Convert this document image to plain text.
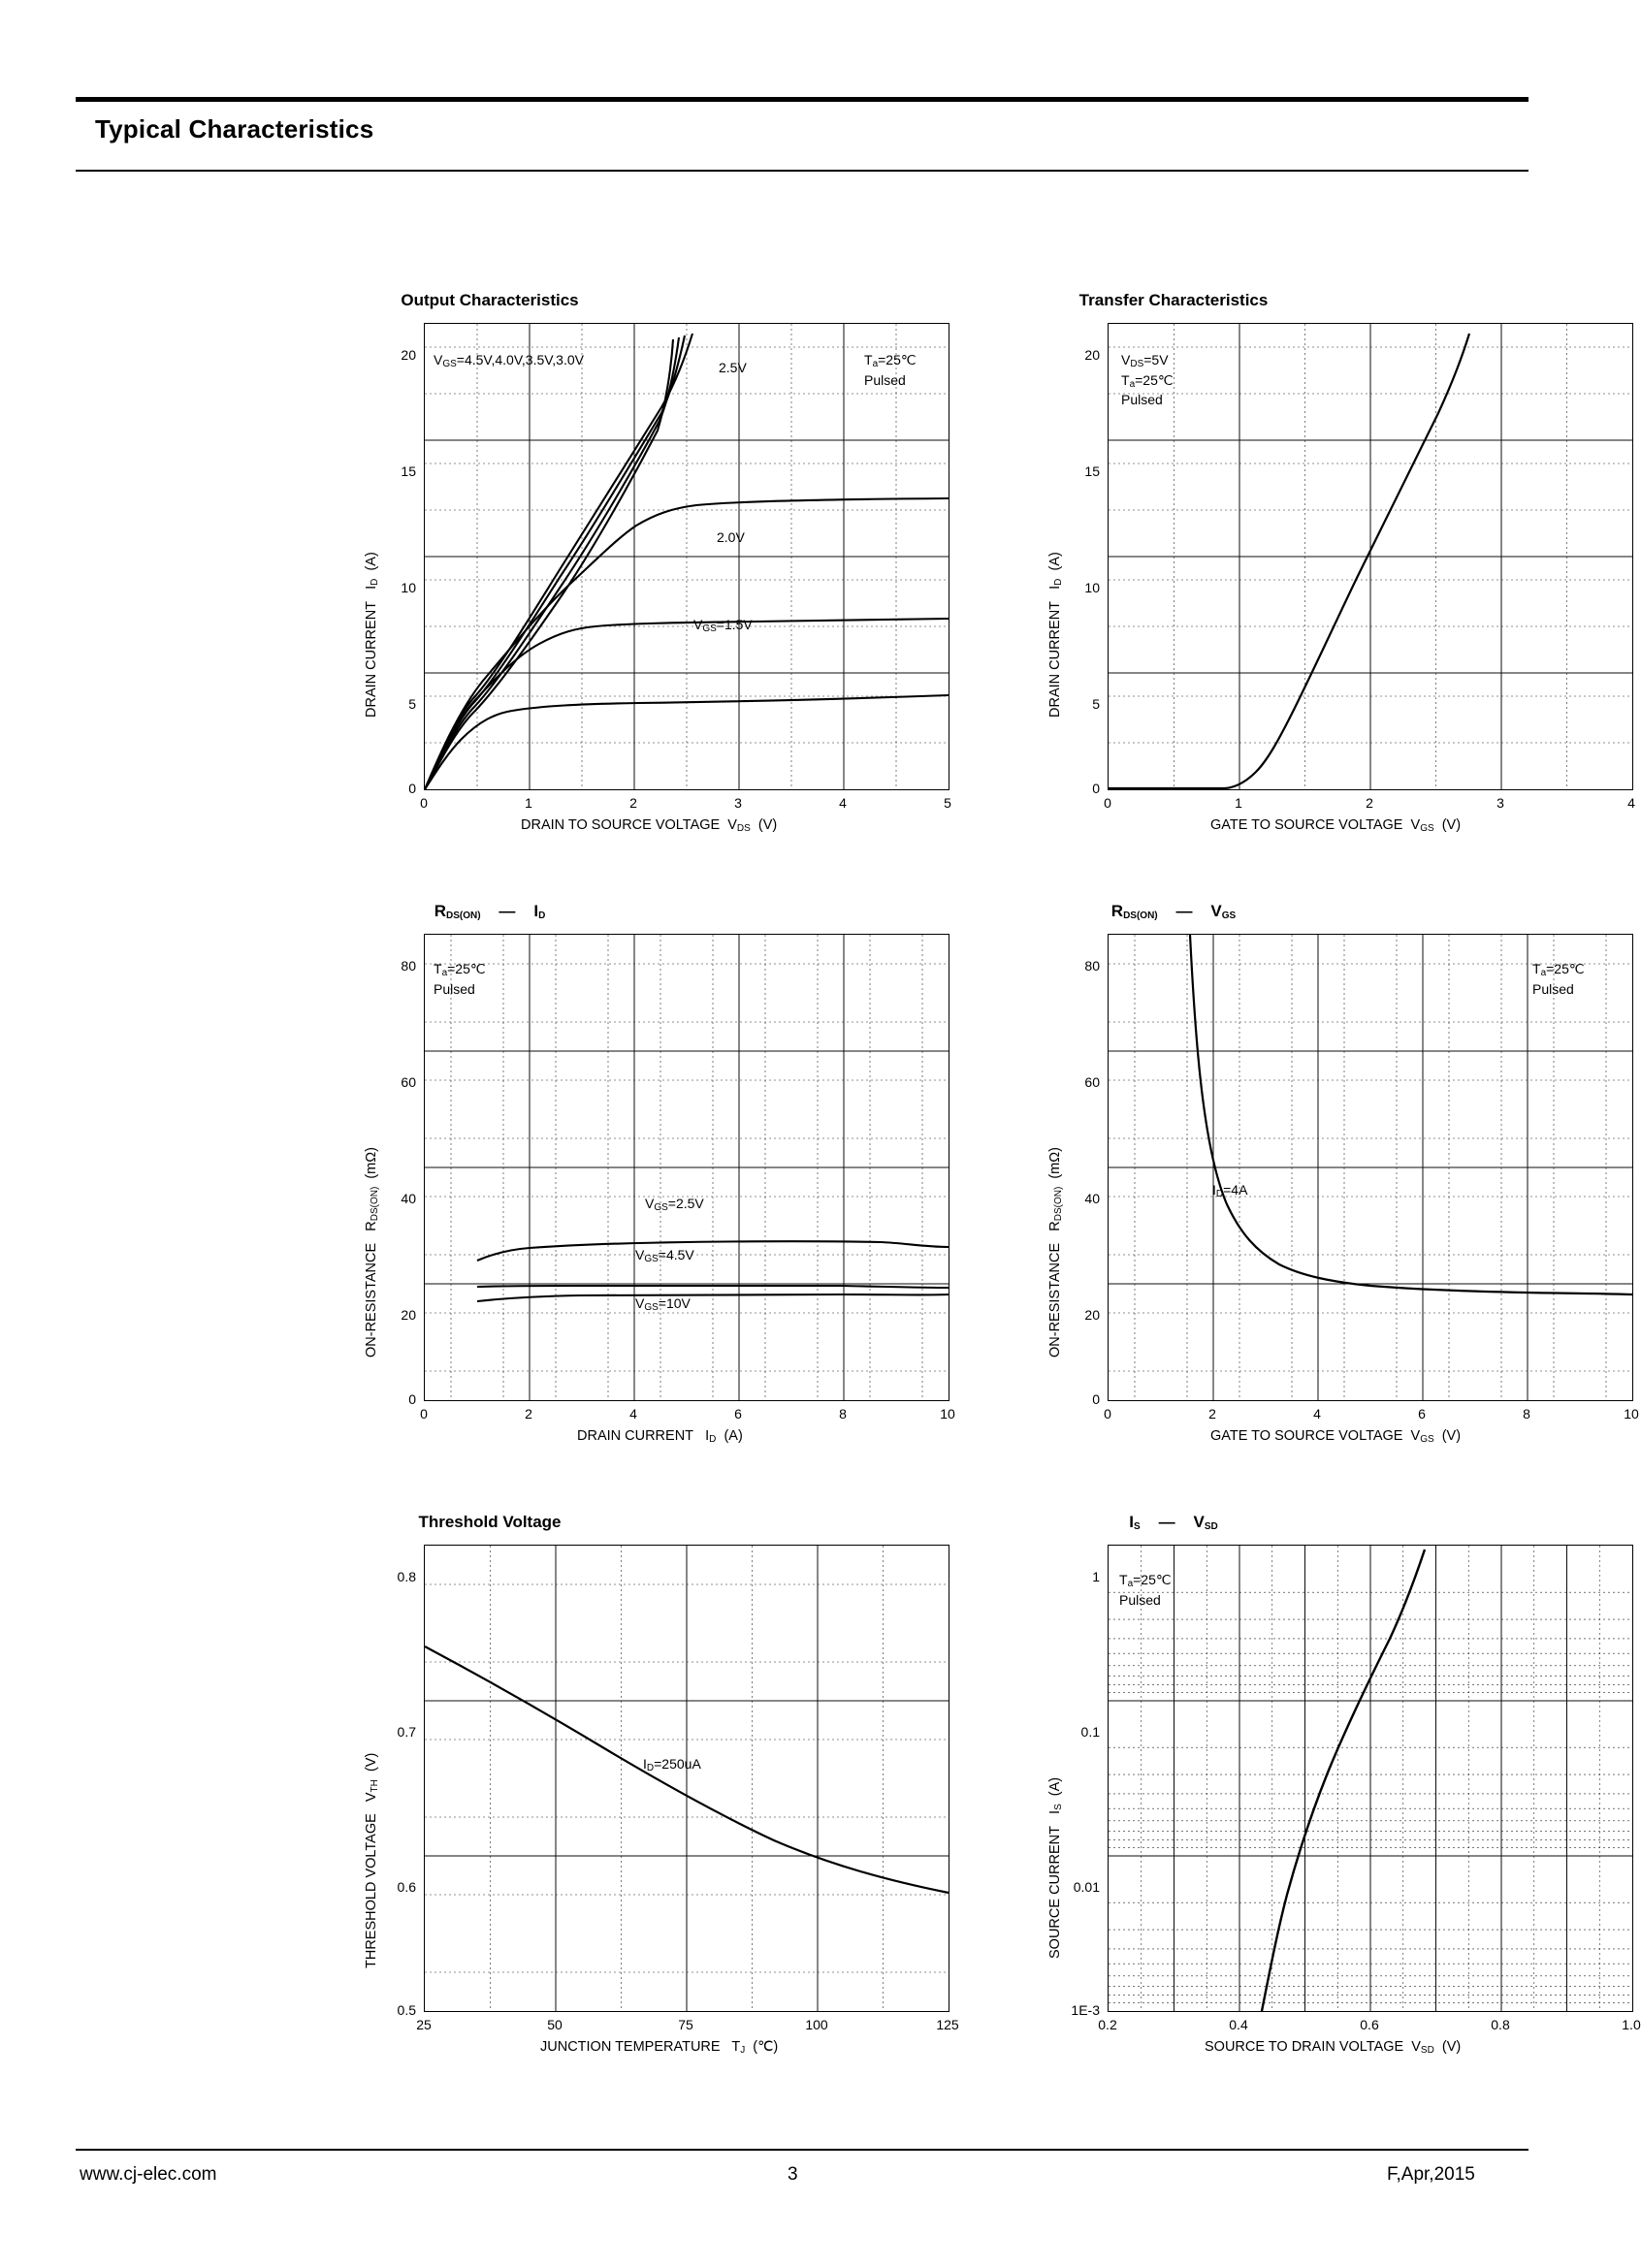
Typical Characteristics
Output Characteristics
20
15
10
5
0
0	1	2	3	4	5
DRAIN TO SOURCE VOLTAGE  $V_{DS}$  (V)
DRAIN CURRENT   $I_D$  (A)
$V_{GS}=4.5V,4.0V,3.5V,3.0V$	2.5V
2.0V
$V_{GS}=1.5V$
$T_a=25℃$
Pulsed
Transfer Characteristics
20
15
10
5
0
0	1	2	3	4
GATE TO SOURCE VOLTAGE  $V_{GS}$  (V)
DRAIN CURRENT   $I_D$  (A)
$V_{DS}=5V$
$T_a=25℃$
Pulsed
$R_{DS(ON)}$    —    $I_D$
80
60
40
20
0
0	2	4	6	8	10
DRAIN CURRENT   $I_D$  (A)
ON-RESISTANCE   $R_{DS(ON)}$  (mΩ)
$T_a=25℃$
Pulsed
$V_{GS}=2.5V$
$V_{GS}=4.5V$
$V_{GS}=10V$
$R_{DS(ON)}$    —    $V_{GS}$
80
60
40
20
0
0	2	4	6	8	10
GATE TO SOURCE VOLTAGE  $V_{GS}$  (V)
ON-RESISTANCE   $R_{DS(ON)}$  (mΩ)
$T_a=25℃$
Pulsed
$I_D=4A$
Threshold Voltage
0.8
0.7
0.6
0.5
25	50	75	100	125
JUNCTION TEMPERATURE   $T_J$  (℃)
THRESHOLD VOLTAGE   $V_{TH}$  (V)	$I_D=250uA$
$I_S$    —    $V_{SD}$
1
0.1
0.01
1E-3
0.2	0.4	0.6	0.8	1.0
SOURCE TO DRAIN VOLTAGE  $V_{SD}$  (V)
SOURCE CURRENT   $I_S$  (A)
$T_a=25℃$
Pulsed
www.cj-elec.com	3	F,Apr,2015
